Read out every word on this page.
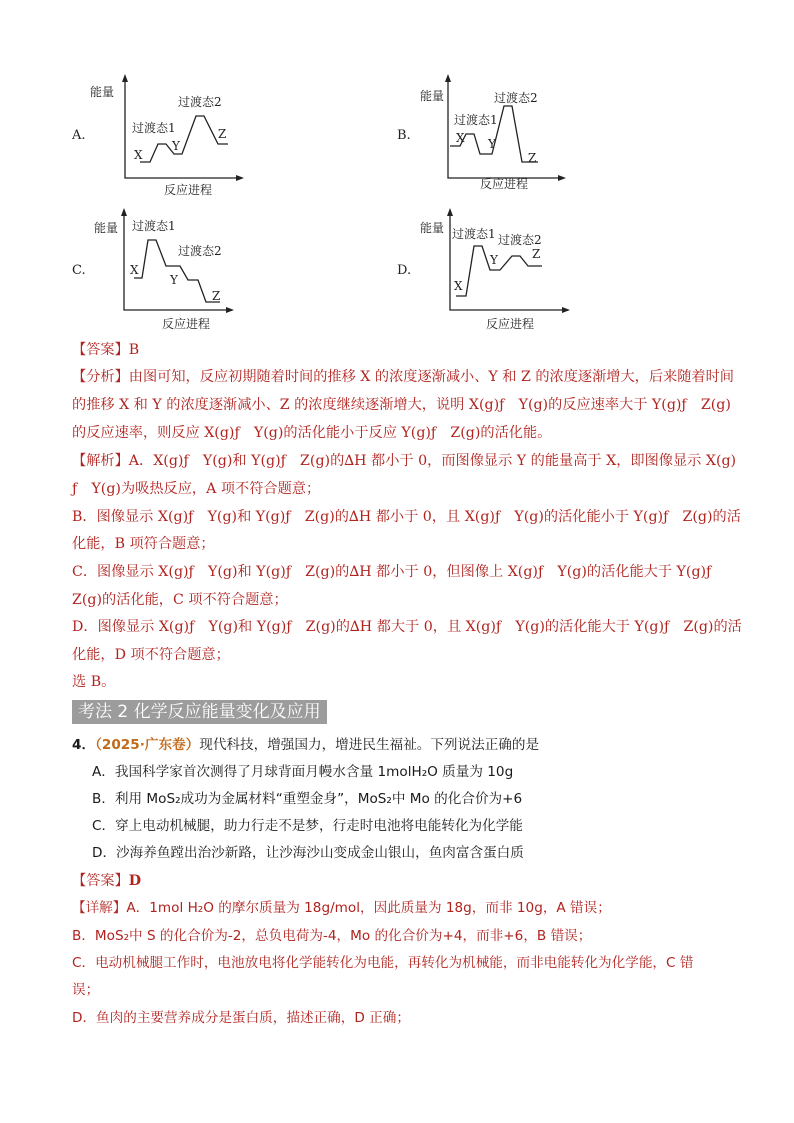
A.
能量
反应进程
过渡态1
过渡态2
X
Y
Z	B.
能量
反应进程
过渡态1
过渡态2
X Y
Z
C.
能量
反应进程
过渡态1
过渡态2
X
Y
Z
D.
能量
反应进程
过渡态1 过渡态2
X
Y	Z
【答案】B
【分析】由图可知，反应初期随着时间的推移 X 的浓度逐渐减小、Y 和 Z 的浓度逐渐增大，后来随着时间
的推移 X 和 Y 的浓度逐渐减小、Z 的浓度继续逐渐增大，说明 X(g)ƒ　Y(g)的反应速率大于 Y(g)ƒ　Z(g)
的反应速率，则反应 X(g)ƒ　Y(g)的活化能小于反应 Y(g)ƒ　Z(g)的活化能。
【解析】A．X(g)ƒ　Y(g)和 Y(g)ƒ　Z(g)的∆H 都小于 0，而图像显示 Y 的能量高于 X，即图像显示 X(g)
ƒ　Y(g)为吸热反应，A 项不符合题意；
B．图像显示 X(g)ƒ　Y(g)和 Y(g)ƒ　Z(g)的∆H 都小于 0，且 X(g)ƒ　Y(g)的活化能小于 Y(g)ƒ　Z(g)的活
化能，B 项符合题意；
C．图像显示 X(g)ƒ　Y(g)和 Y(g)ƒ　Z(g)的∆H 都小于 0，但图像上 X(g)ƒ　Y(g)的活化能大于 Y(g)ƒ
Z(g)的活化能，C 项不符合题意；
D．图像显示 X(g)ƒ　Y(g)和 Y(g)ƒ　Z(g)的∆H 都大于 0，且 X(g)ƒ　Y(g)的活化能大于 Y(g)ƒ　Z(g)的活
化能，D 项不符合题意；
选 B。
考法 2 化学反应能量变化及应用
4．（2025·广东卷）现代科技，增强国力，增进民生福祉。下列说法正确的是
A．我国科学家首次测得了月球背面月幔水含量 1molH₂O 质量为 10g
B．利用 MoS₂成功为金属材料“重塑金身”，MoS₂中 Mo 的化合价为+6
C．穿上电动机械腿，助力行走不是梦，行走时电池将电能转化为化学能
D．沙海养鱼蹚出治沙新路，让沙海沙山变成金山银山，鱼肉富含蛋白质
【答案】D
【详解】A．1mol H₂O 的摩尔质量为 18g/mol，因此质量为 18g，而非 10g，A 错误；
B．MoS₂中 S 的化合价为-2，总负电荷为-4，Mo 的化合价为+4，而非+6，B 错误；
C．电动机械腿工作时，电池放电将化学能转化为电能，再转化为机械能，而非电能转化为化学能，C 错
误；
D．鱼肉的主要营养成分是蛋白质，描述正确，D 正确；
